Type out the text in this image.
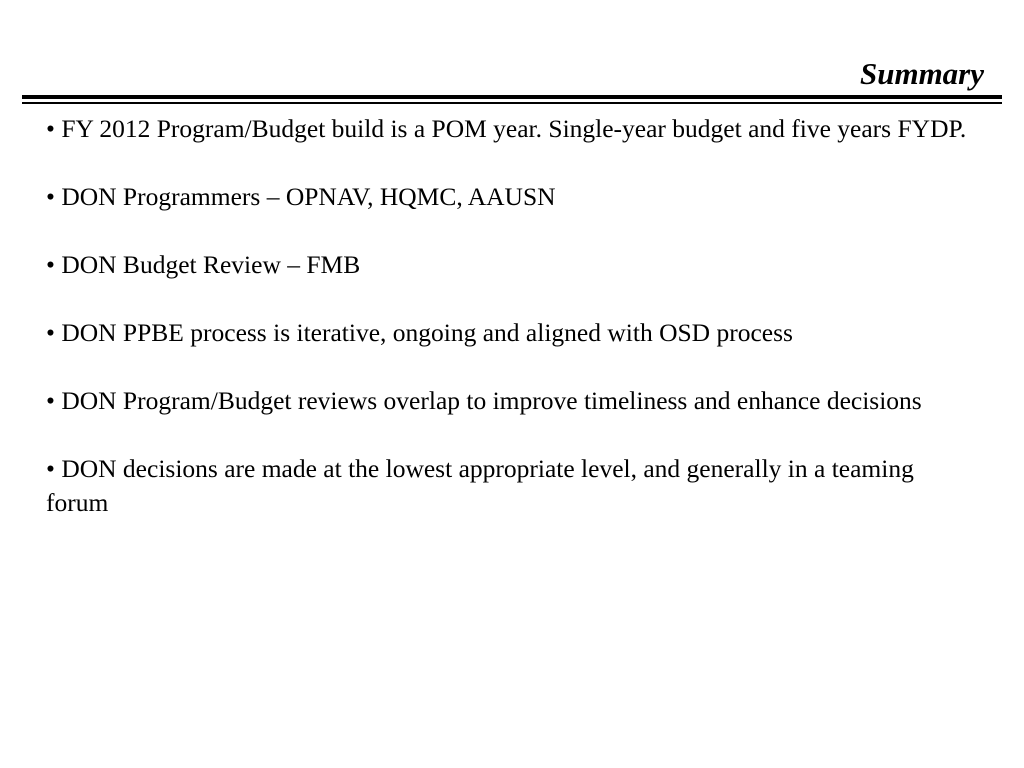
Summary
• FY 2012 Program/Budget build is a POM year. Single-year budget and five years FYDP.
• DON Programmers – OPNAV, HQMC, AAUSN
• DON Budget Review – FMB
• DON PPBE process is iterative, ongoing and aligned with OSD process
• DON Program/Budget reviews overlap to improve timeliness and enhance decisions
• DON decisions are made at the lowest appropriate level, and generally in a teaming forum
